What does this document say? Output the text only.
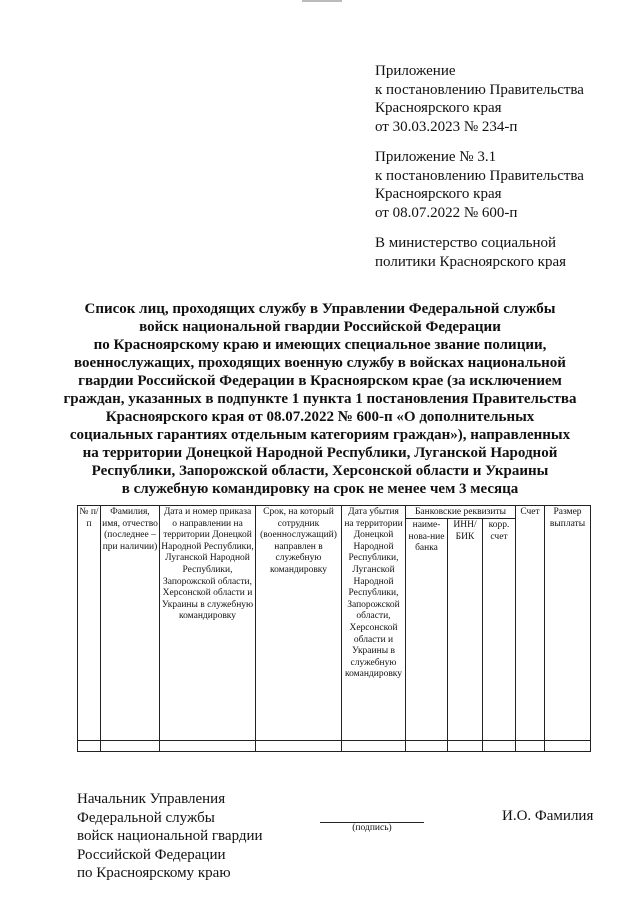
Приложение
к постановлению Правительства
Красноярского края
от 30.03.2023 № 234-п
Приложение № 3.1
к постановлению Правительства
Красноярского края
от 08.07.2022 № 600-п
В министерство социальной
политики Красноярского края
Список лиц, проходящих службу в Управлении Федеральной службы
войск национальной гвардии Российской Федерации
по Красноярскому краю и имеющих специальное звание полиции,
военнослужащих, проходящих военную службу в войсках национальной
гвардии Российской Федерации в Красноярском крае (за исключением
граждан, указанных в подпункте 1 пункта 1 постановления Правительства
Красноярского края от 08.07.2022 № 600-п «О дополнительных
социальных гарантиях отдельным категориям граждан»), направленных
на территории Донецкой Народной Республики, Луганской Народной
Республики, Запорожской области, Херсонской области и Украины
в служебную командировку на срок не менее чем 3 месяца
№ п/п	Фамилия, имя, отчество (последнее – при наличии)	Дата и номер приказа о направлении на территории Донецкой Народной Республики, Луганской Народной Республики, Запорожской области, Херсонской области и Украины в служебную командировку	Срок, на который сотрудник (военнослужащий) направлен в служебную командировку	Дата убытия на территории Донецкой Народной Республики, Луганской Народной Республики, Запорожской области, Херсонской области и Украины в служебную командировку	Банковские реквизиты			Счет	Размер выплаты
					наиме-нова-ние банка	ИНН/ БИК	корр. счет		

Начальник Управления
Федеральной службы
войск национальной гвардии
Российской Федерации
по Красноярскому краю
(подпись)
И.О. Фамилия
